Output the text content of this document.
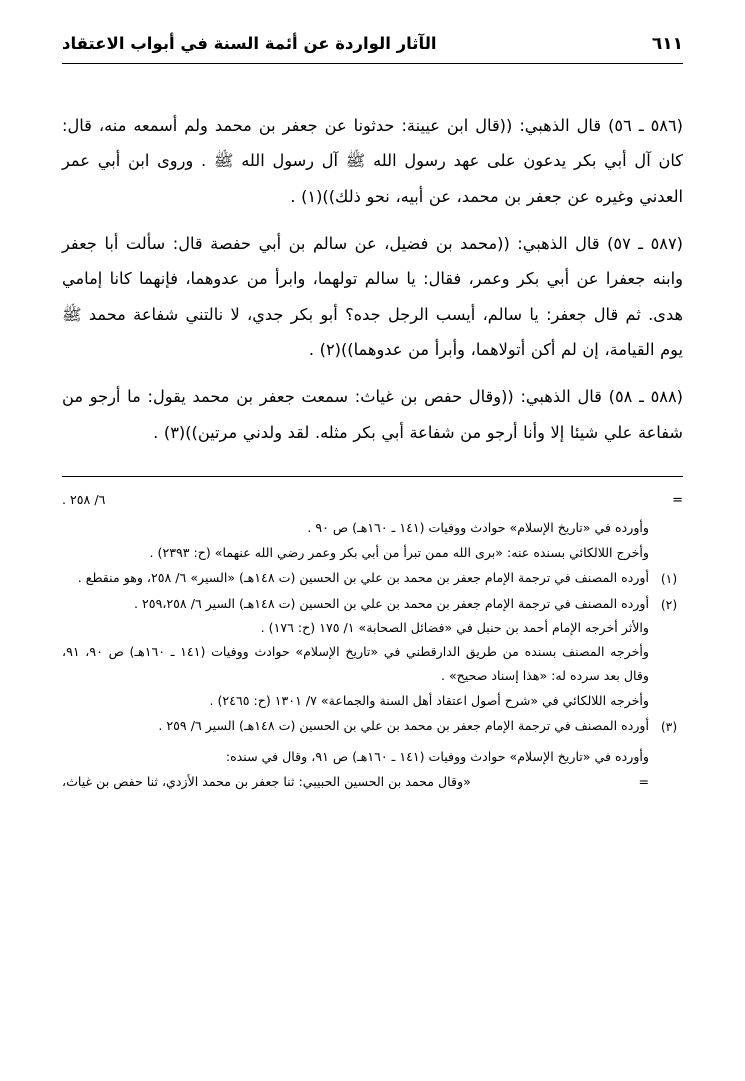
الآثار الواردة عن أئمة السنة في أبواب الاعتقاد	٦١١

(٥٨٦ ـ ٥٦) قال الذهبي: ((قال ابن عيينة: حدثونا عن جعفر بن محمد ولم أسمعه منه، قال: كان آل أبي بكر يدعون على عهد رسول الله ﷺ آل رسول الله ﷺ . وروى ابن أبي عمر العدني وغيره عن جعفر بن محمد، عن أبيه، نحو ذلك))(١) .

(٥٨٧ ـ ٥٧) قال الذهبي: ((محمد بن فضيل، عن سالم بن أبي حفصة قال: سألت أبا جعفر وابنه جعفرا عن أبي بكر وعمر، فقال: يا سالم تولهما، وابرأ من عدوهما، فإنهما كانا إمامي هدى. ثم قال جعفر: يا سالم، أيسب الرجل جده؟ أبو بكر جدي، لا نالتني شفاعة محمد ﷺ يوم القيامة، إن لم أكن أتولاهما، وأبرأ من عدوهما))(٢) .

(٥٨٨ ـ ٥٨) قال الذهبي: ((وقال حفص بن غياث: سمعت جعفر بن محمد يقول: ما أرجو من شفاعة علي شيئا إلا وأنا أرجو من شفاعة أبي بكر مثله. لقد ولدني مرتين))(٣) .

٦/ ٢٥٨ .	=
وأورده في «تاريخ الإسلام» حوادث ووفيات (١٤١ ـ ١٦٠هـ) ص ٩٠ .
وأخرج اللالكائي بسنده عنه: «برى الله ممن تبرأ من أبي بكر وعمر رضي الله عنهما» (ح: ٢٣٩٣) .
(١)
أورده المصنف في ترجمة الإمام جعفر بن محمد بن علي بن الحسين (ت ١٤٨هـ) «السير» ٦/ ٢٥٨، وهو منقطع .
(٢)
أورده المصنف في ترجمة الإمام جعفر بن محمد بن علي بن الحسين (ت ١٤٨هـ) السير ٦/ ٢٥٩،٢٥٨ .
والأثر أخرجه الإمام أحمد بن حنبل في «فضائل الصحابة» ١/ ١٧٥ (ح: ١٧٦) .
وأخرجه المصنف بسنده من طريق الدارقطني في «تاريخ الإسلام» حوادث ووفيات (١٤١ ـ ١٦٠هـ) ص ٩٠، ٩١، وقال بعد سرده له: «هذا إسناد صحيح» .
وأخرجه اللالكائي في «شرح أصول اعتقاد أهل السنة والجماعة» ٧/ ١٣٠١ (ح: ٢٤٦٥) .
(٣)
أورده المصنف في ترجمة الإمام جعفر بن محمد بن علي بن الحسين (ت ١٤٨هـ) السير ٦/ ٢٥٩ .
وأورده في «تاريخ الإسلام» حوادث ووفيات (١٤١ ـ ١٦٠هـ) ص ٩١، وقال في سنده:
«وقال محمد بن الحسين الحبيبي: ثنا جعفر بن محمد الأزدي، ثنا حفص بن غياث،	=
